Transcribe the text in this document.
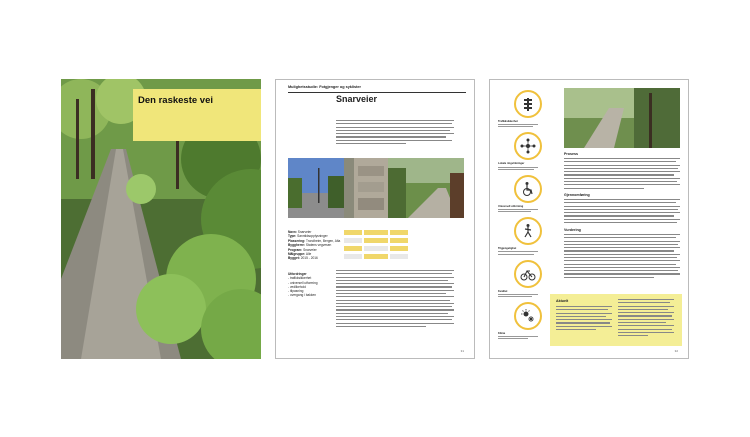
Den raskeste vei
Mulighetsstudie: Fotgjenger og syklister
Snarveier
Navn: Snarveier
Type: Sanntidsopplysninger
Plassering: Trondheim, Bergen, Alta
Byggherre: Statens vegvesen
Program: Snarveier
Målgruppe: Alle
Bygget: 2015 - 2016
Utfordringer
- trafikksikkerhet
- universell utforming
- vedlikehold
- tilpasning
- overgang i bakken
31
Trafikksikkerhet
Lokale ringvirkninger
Universell utforming
Tilgjengelighet
Kvalitet
Klima
Prosess
Gjennomføring
Vurdering
Aktuelt
32
